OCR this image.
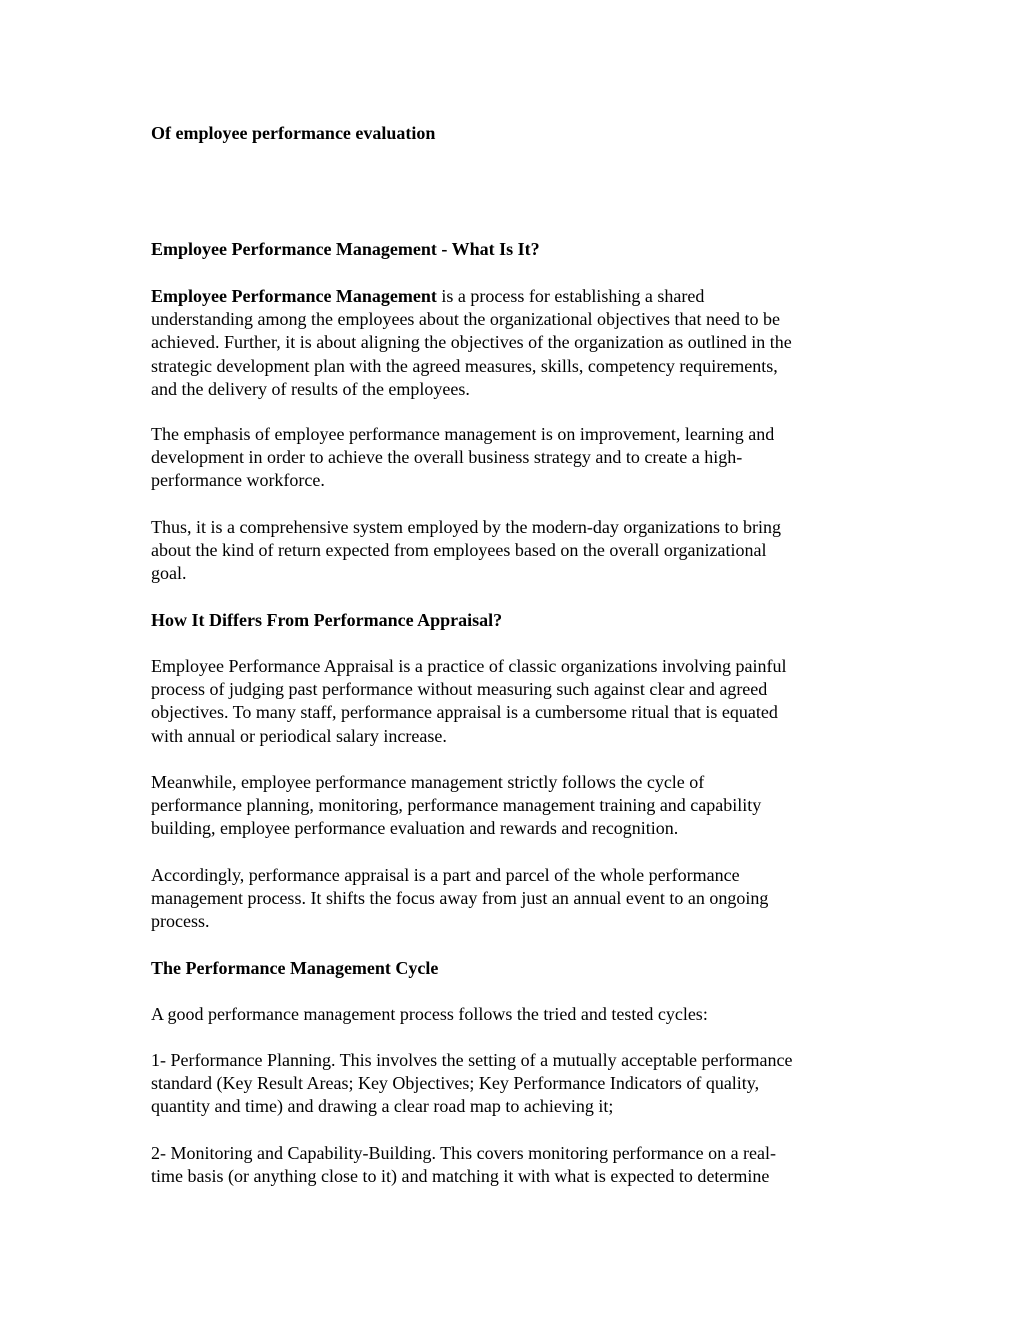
Of employee performance evaluation
Employee Performance Management - What Is It?

Employee Performance Management is a process for establishing a shared
understanding among the employees about the organizational objectives that need to be
achieved. Further, it is about aligning the objectives of the organization as outlined in the
strategic development plan with the agreed measures, skills, competency requirements,
and the delivery of results of the employees.

The emphasis of employee performance management is on improvement, learning and
development in order to achieve the overall business strategy and to create a high-
performance workforce.

Thus, it is a comprehensive system employed by the modern-day organizations to bring
about the kind of return expected from employees based on the overall organizational
goal.

How It Differs From Performance Appraisal?

Employee Performance Appraisal is a practice of classic organizations involving painful
process of judging past performance without measuring such against clear and agreed
objectives. To many staff, performance appraisal is a cumbersome ritual that is equated
with annual or periodical salary increase.

Meanwhile, employee performance management strictly follows the cycle of
performance planning, monitoring, performance management training and capability
building, employee performance evaluation and rewards and recognition.

Accordingly, performance appraisal is a part and parcel of the whole performance
management process. It shifts the focus away from just an annual event to an ongoing
process.

The Performance Management Cycle

A good performance management process follows the tried and tested cycles:

1- Performance Planning. This involves the setting of a mutually acceptable performance
standard (Key Result Areas; Key Objectives; Key Performance Indicators of quality,
quantity and time) and drawing a clear road map to achieving it;

2- Monitoring and Capability-Building. This covers monitoring performance on a real-
time basis (or anything close to it) and matching it with what is expected to determine
